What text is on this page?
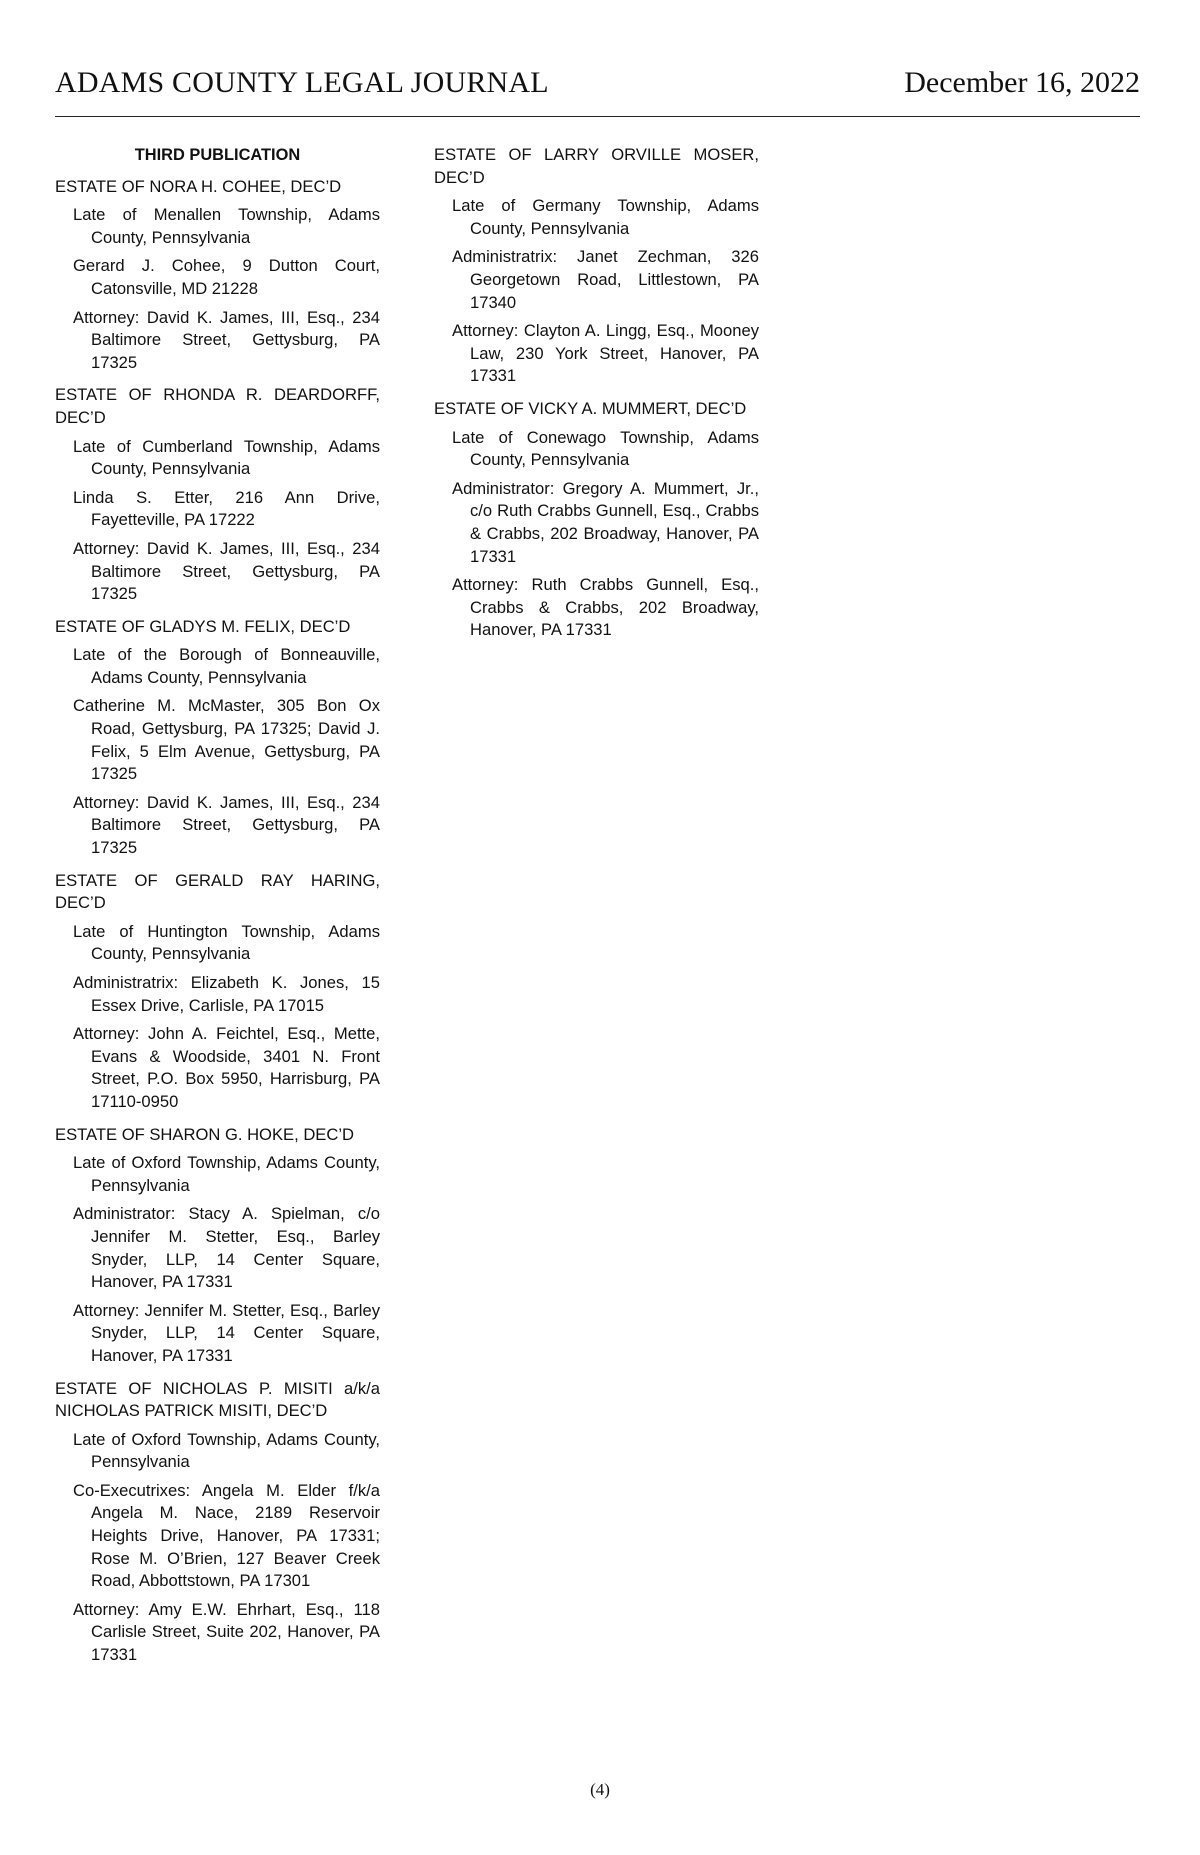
ADAMS COUNTY LEGAL JOURNAL	December 16, 2022
THIRD PUBLICATION
ESTATE OF NORA H. COHEE, DEC’D
Late of Menallen Township, Adams County, Pennsylvania
Gerard J. Cohee, 9 Dutton Court, Catonsville, MD 21228
Attorney: David K. James, III, Esq., 234 Baltimore Street, Gettysburg, PA 17325
ESTATE OF RHONDA R. DEARDORFF, DEC’D
Late of Cumberland Township, Adams County, Pennsylvania
Linda S. Etter, 216 Ann Drive, Fayetteville, PA 17222
Attorney: David K. James, III, Esq., 234 Baltimore Street, Gettysburg, PA 17325
ESTATE OF GLADYS M. FELIX, DEC’D
Late of the Borough of Bonneauville, Adams County, Pennsylvania
Catherine M. McMaster, 305 Bon Ox Road, Gettysburg, PA 17325; David J. Felix, 5 Elm Avenue, Gettysburg, PA 17325
Attorney: David K. James, III, Esq., 234 Baltimore Street, Gettysburg, PA 17325
ESTATE OF GERALD RAY HARING, DEC’D
Late of Huntington Township, Adams County, Pennsylvania
Administratrix: Elizabeth K. Jones, 15 Essex Drive, Carlisle, PA 17015
Attorney: John A. Feichtel, Esq., Mette, Evans & Woodside, 3401 N. Front Street, P.O. Box 5950, Harrisburg, PA 17110-0950
ESTATE OF SHARON G. HOKE, DEC’D
Late of Oxford Township, Adams County, Pennsylvania
Administrator: Stacy A. Spielman, c/o Jennifer M. Stetter, Esq., Barley Snyder, LLP, 14 Center Square, Hanover, PA 17331
Attorney: Jennifer M. Stetter, Esq., Barley Snyder, LLP, 14 Center Square, Hanover, PA 17331
ESTATE OF NICHOLAS P. MISITI a/k/a NICHOLAS PATRICK MISITI, DEC’D
Late of Oxford Township, Adams County, Pennsylvania
Co-Executrixes: Angela M. Elder f/k/a Angela M. Nace, 2189 Reservoir Heights Drive, Hanover, PA 17331; Rose M. O’Brien, 127 Beaver Creek Road, Abbottstown, PA 17301
Attorney: Amy E.W. Ehrhart, Esq., 118 Carlisle Street, Suite 202, Hanover, PA 17331
ESTATE OF LARRY ORVILLE MOSER, DEC’D
Late of Germany Township, Adams County, Pennsylvania
Administratrix: Janet Zechman, 326 Georgetown Road, Littlestown, PA 17340
Attorney: Clayton A. Lingg, Esq., Mooney Law, 230 York Street, Hanover, PA 17331
ESTATE OF VICKY A. MUMMERT, DEC’D
Late of Conewago Township, Adams County, Pennsylvania
Administrator: Gregory A. Mummert, Jr., c/o Ruth Crabbs Gunnell, Esq., Crabbs & Crabbs, 202 Broadway, Hanover, PA 17331
Attorney: Ruth Crabbs Gunnell, Esq., Crabbs & Crabbs, 202 Broadway, Hanover, PA 17331
(4)
